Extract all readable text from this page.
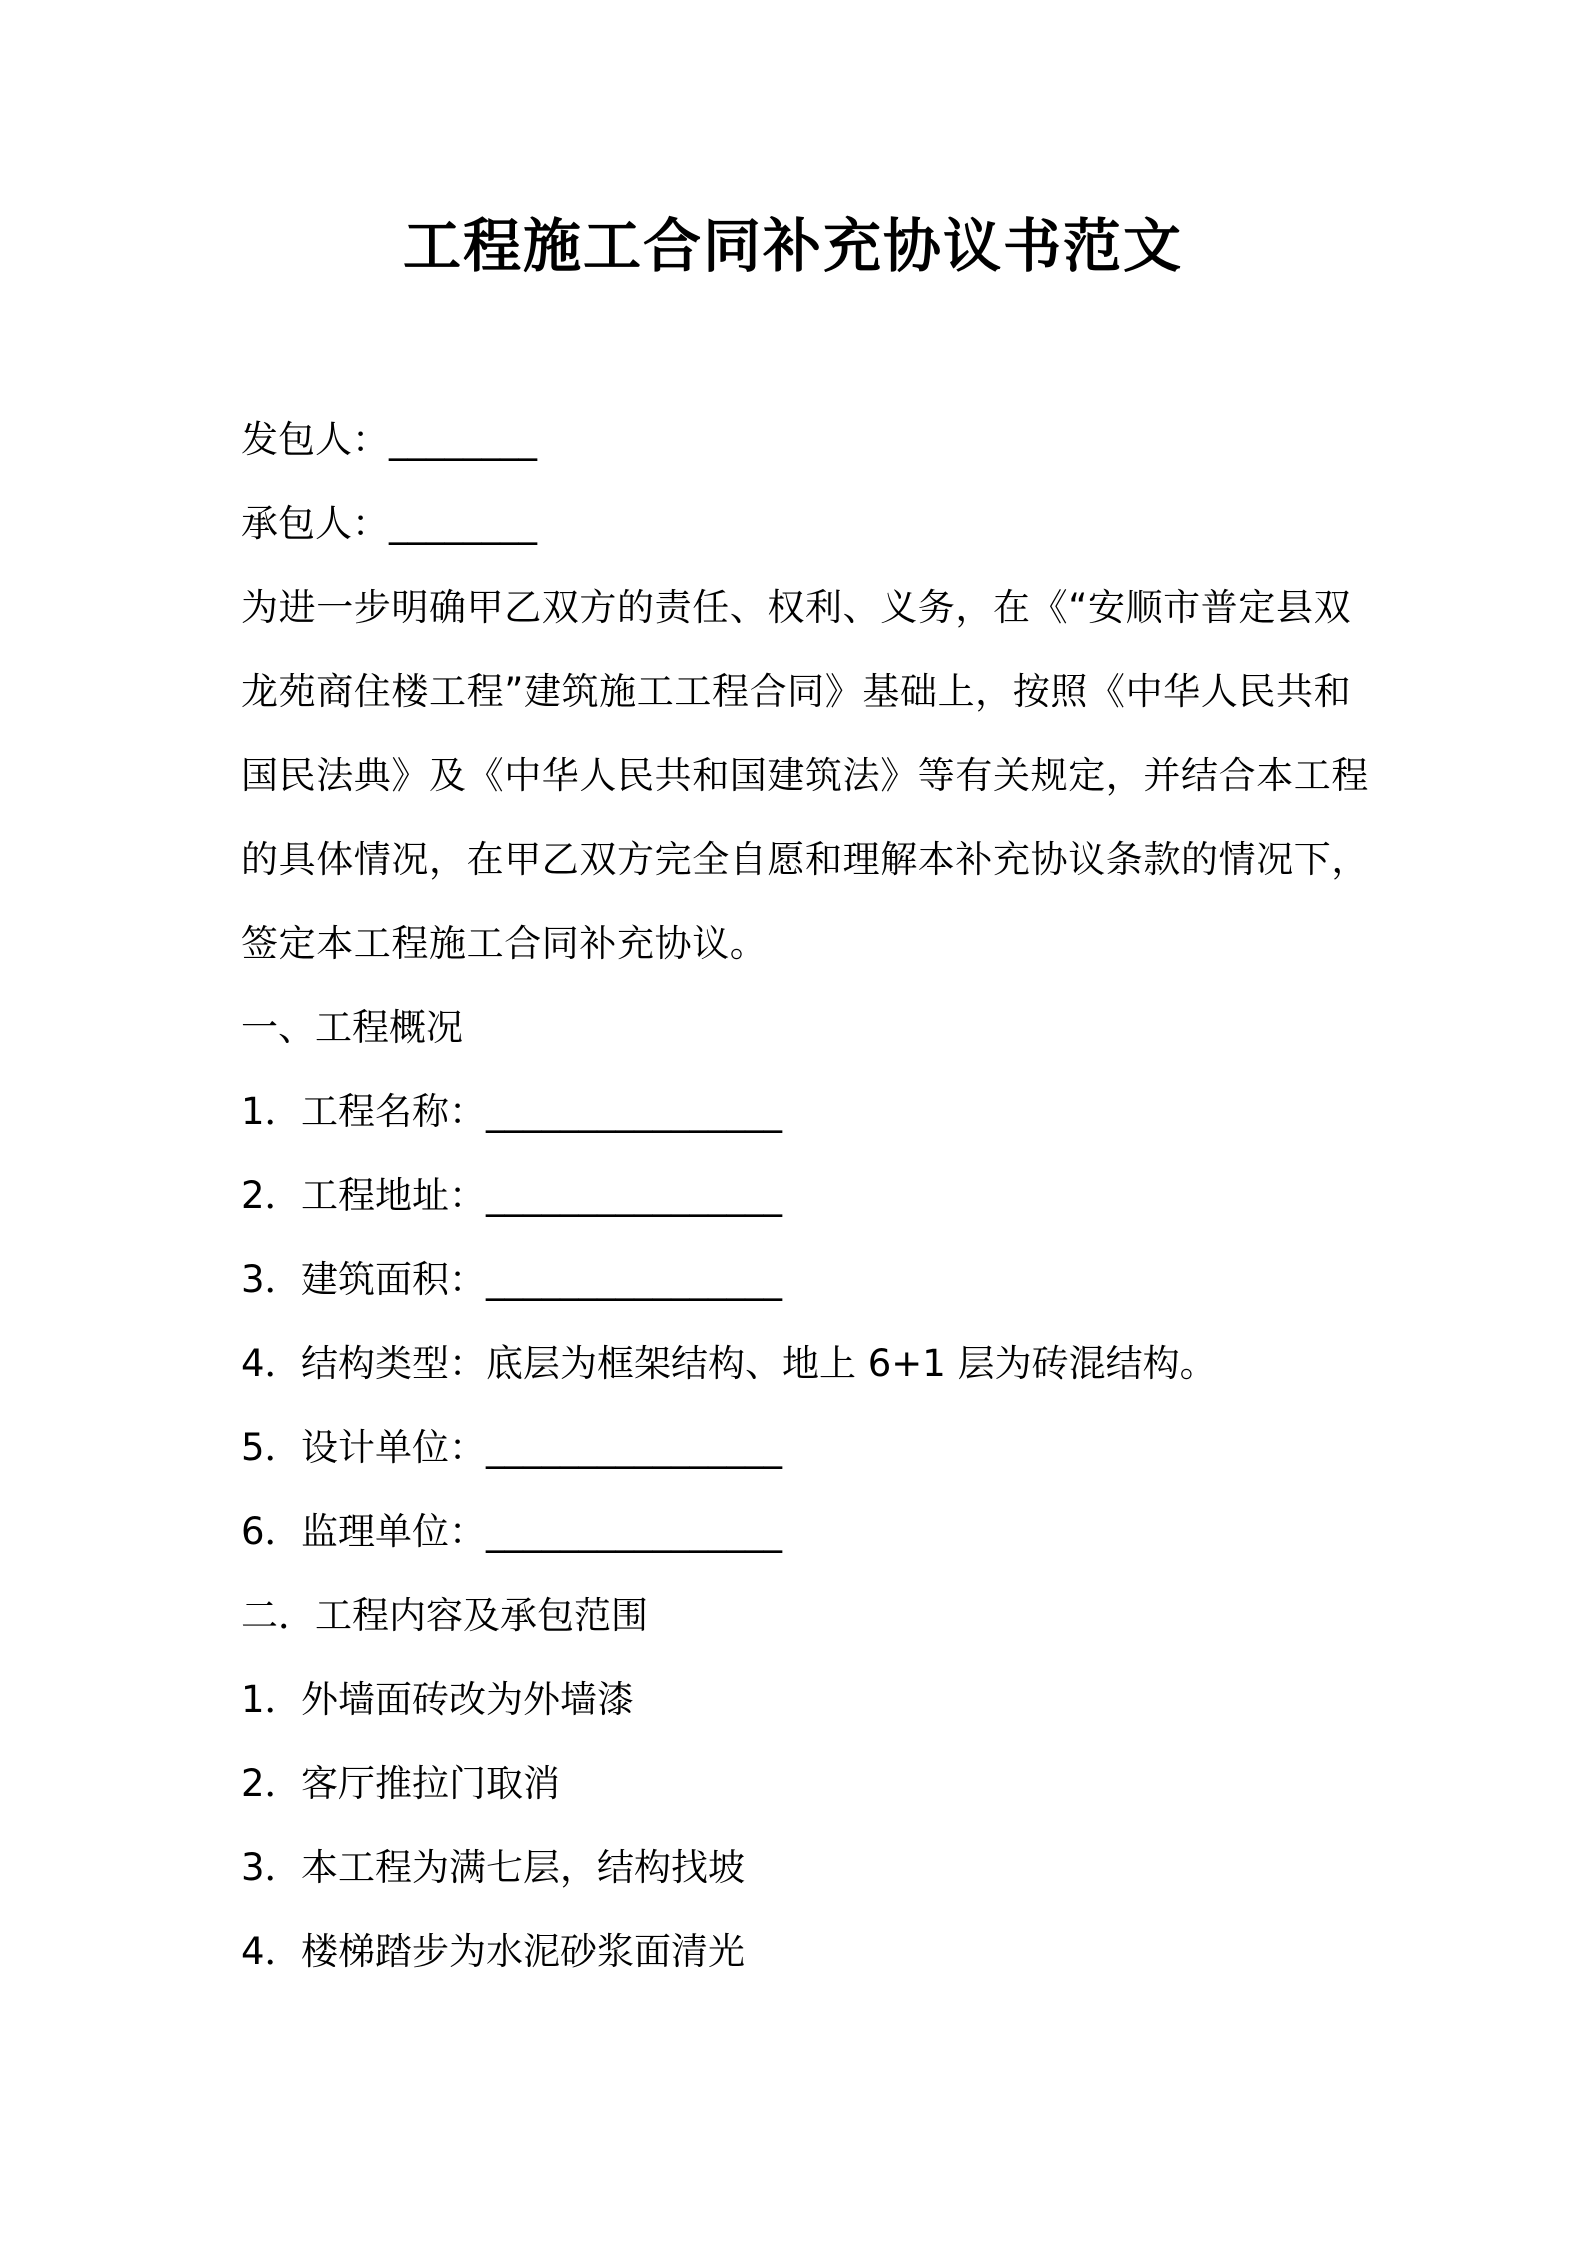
工程施工合同补充协议书范文
发包人：________
承包人：________
为进一步明确甲乙双方的责任、权利、义务，在《“安顺市普定县双
龙苑商住楼工程”建筑施工工程合同》基础上，按照《中华人民共和
国民法典》及《中华人民共和国建筑法》等有关规定，并结合本工程
的具体情况，在甲乙双方完全自愿和理解本补充协议条款的情况下，
签定本工程施工合同补充协议。
一、工程概况
1．工程名称：________________
2．工程地址：________________
3．建筑面积：________________
4．结构类型：底层为框架结构、地上 6+1 层为砖混结构。
5．设计单位：________________
6．监理单位：________________
二．工程内容及承包范围
1．外墙面砖改为外墙漆
2．客厅推拉门取消
3．本工程为满七层，结构找坡
4．楼梯踏步为水泥砂浆面清光
